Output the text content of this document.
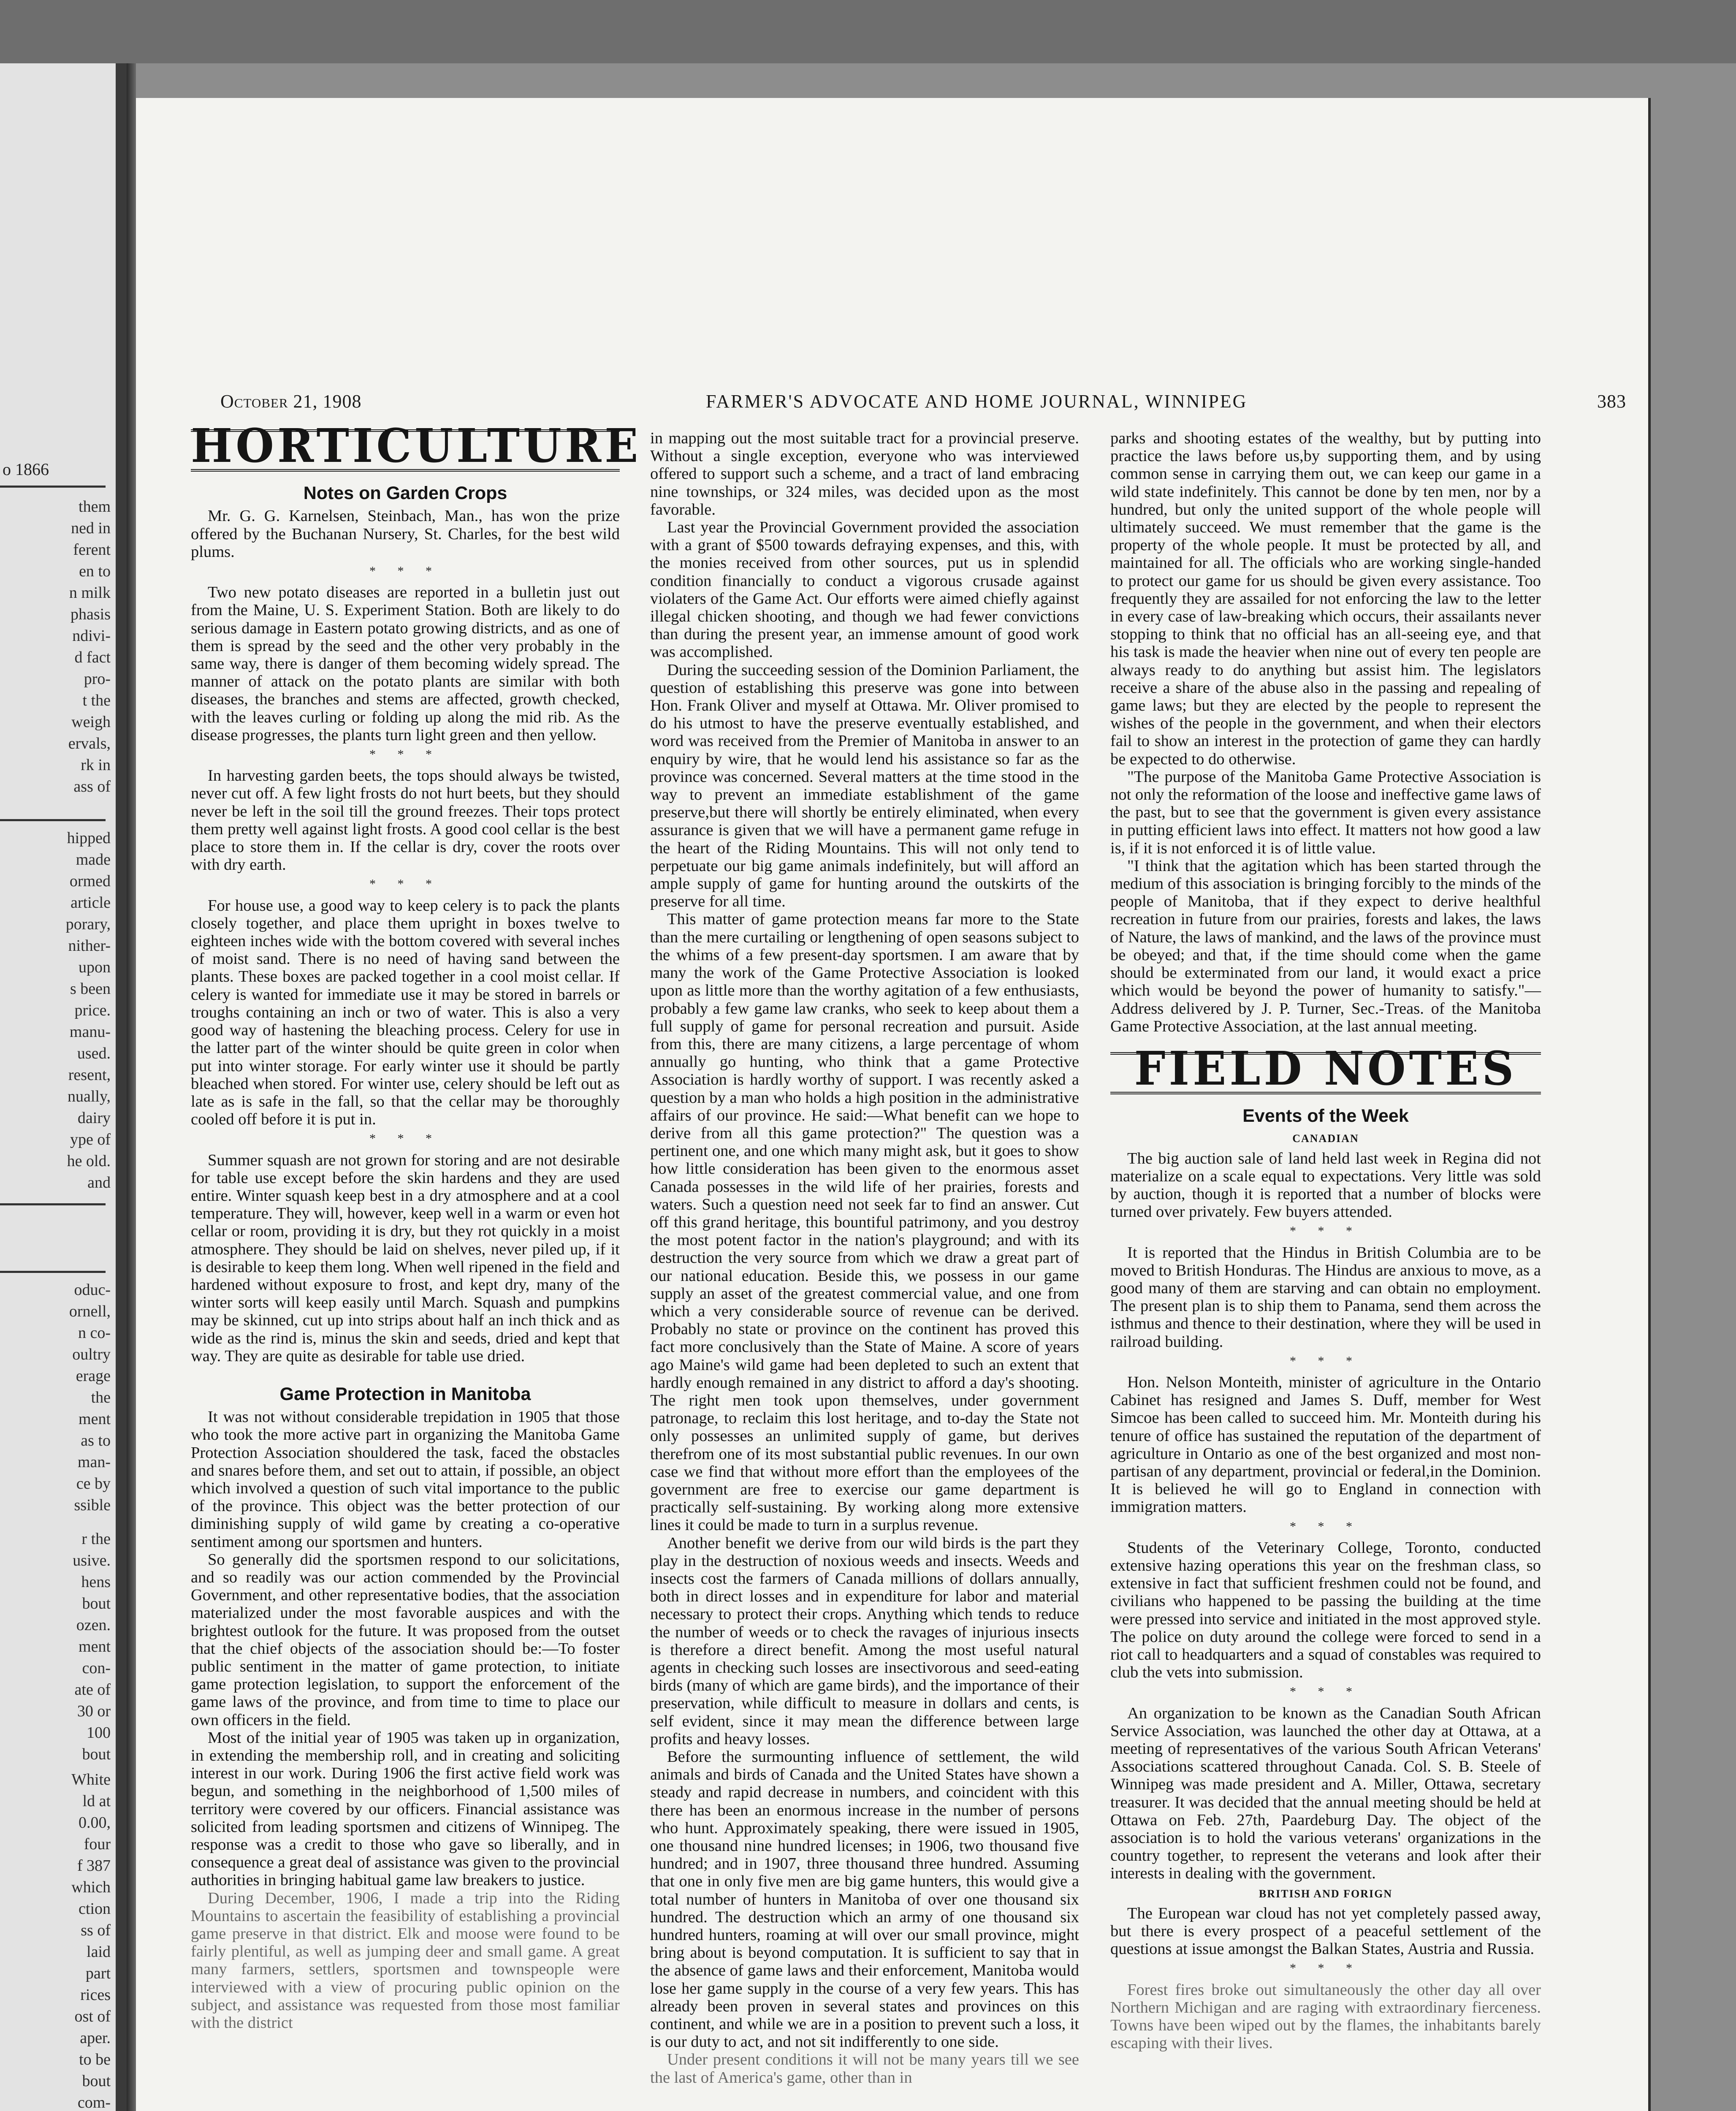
o 1866
them
ned in
ferent
en to
n milk
phasis
ndivi-
d fact
pro-
t the
weigh
ervals,
rk in
ass of
hipped
made
ormed
article
porary,
nither-
upon
s been
price.
manu-
used.
resent,
nually,
dairy
ype of
he old.
and
oduc-
ornell,
n co-
oultry
erage
the
ment
as to
man-
ce by
ssible
r the
usive.
hens
bout
ozen.
ment
con-
ate of
30 or
100
bout
White
ld at
0.00,
four
f 387
which
ction
ss of
laid
part
rices
ost of
aper.
to be
bout
com-
October 21, 1908	FARMER'S ADVOCATE AND HOME JOURNAL, WINNIPEG	383
HORTICULTURE
Notes on Garden Crops

Mr. G. G. Karnelsen, Steinbach, Man., has won the prize offered by the Buchanan Nursery, St. Charles, for the best wild plums.

* * *

Two new potato diseases are reported in a bulletin just out from the Maine, U. S. Experiment Station. Both are likely to do serious damage in Eastern potato growing districts, and as one of them is spread by the seed and the other very probably in the same way, there is danger of them becoming widely spread. The manner of attack on the potato plants are similar with both diseases, the branches and stems are affected, growth checked, with the leaves curling or folding up along the mid rib. As the disease progresses, the plants turn light green and then yellow.

* * *

In harvesting garden beets, the tops should always be twisted, never cut off. A few light frosts do not hurt beets, but they should never be left in the soil till the ground freezes. Their tops protect them pretty well against light frosts. A good cool cellar is the best place to store them in. If the cellar is dry, cover the roots over with dry earth.

* * *

For house use, a good way to keep celery is to pack the plants closely together, and place them upright in boxes twelve to eighteen inches wide with the bottom covered with several inches of moist sand. There is no need of having sand between the plants. These boxes are packed together in a cool moist cellar. If celery is wanted for immediate use it may be stored in barrels or troughs containing an inch or two of water. This is also a very good way of hastening the bleaching process. Celery for use in the latter part of the winter should be quite green in color when put into winter storage. For early winter use it should be partly bleached when stored. For winter use, celery should be left out as late as is safe in the fall, so that the cellar may be thoroughly cooled off before it is put in.

* * *

Summer squash are not grown for storing and are not desirable for table use except before the skin hardens and they are used entire. Winter squash keep best in a dry atmosphere and at a cool temperature. They will, however, keep well in a warm or even hot cellar or room, providing it is dry, but they rot quickly in a moist atmosphere. They should be laid on shelves, never piled up, if it is desirable to keep them long. When well ripened in the field and hardened without exposure to frost, and kept dry, many of the winter sorts will keep easily until March. Squash and pumpkins may be skinned, cut up into strips about half an inch thick and as wide as the rind is, minus the skin and seeds, dried and kept that way. They are quite as desirable for table use dried.

Game Protection in Manitoba

It was not without considerable trepidation in 1905 that those who took the more active part in organizing the Manitoba Game Protection Association shouldered the task, faced the obstacles and snares before them, and set out to attain, if possible, an object which involved a question of such vital importance to the public of the province. This object was the better protection of our diminishing supply of wild game by creating a co-operative sentiment among our sportsmen and hunters.

So generally did the sportsmen respond to our solicitations, and so readily was our action commended by the Provincial Government, and other representative bodies, that the association materialized under the most favorable auspices and with the brightest outlook for the future. It was proposed from the outset that the chief objects of the association should be:—To foster public sentiment in the matter of game protection, to initiate game protection legislation, to support the enforcement of the game laws of the province, and from time to time to place our own officers in the field.

Most of the initial year of 1905 was taken up in organization, in extending the membership roll, and in creating and soliciting interest in our work. During 1906 the first active field work was begun, and something in the neighborhood of 1,500 miles of territory were covered by our officers. Financial assistance was solicited from leading sportsmen and citizens of Winnipeg. The response was a credit to those who gave so liberally, and in consequence a great deal of assistance was given to the provincial authorities in bringing habitual game law breakers to justice.

During December, 1906, I made a trip into the Riding Mountains to ascertain the feasibility of establishing a provincial game preserve in that district. Elk and moose were found to be fairly plentiful, as well as jumping deer and small game. A great many farmers, settlers, sportsmen and townspeople were interviewed with a view of procuring public opinion on the subject, and assistance was requested from those most familiar with the district

in mapping out the most suitable tract for a provincial preserve. Without a single exception, everyone who was interviewed offered to support such a scheme, and a tract of land embracing nine townships, or 324 miles, was decided upon as the most favorable.

Last year the Provincial Government provided the association with a grant of $500 towards defraying expenses, and this, with the monies received from other sources, put us in splendid condition financially to conduct a vigorous crusade against violaters of the Game Act. Our efforts were aimed chiefly against illegal chicken shooting, and though we had fewer convictions than during the present year, an immense amount of good work was accomplished.

During the succeeding session of the Dominion Parliament, the question of establishing this preserve was gone into between Hon. Frank Oliver and myself at Ottawa. Mr. Oliver promised to do his utmost to have the preserve eventually established, and word was received from the Premier of Manitoba in answer to an enquiry by wire, that he would lend his assistance so far as the province was concerned. Several matters at the time stood in the way to prevent an immediate establishment of the game preserve,but there will shortly be entirely eliminated, when every assurance is given that we will have a permanent game refuge in the heart of the Riding Mountains. This will not only tend to perpetuate our big game animals indefinitely, but will afford an ample supply of game for hunting around the outskirts of the preserve for all time.

This matter of game protection means far more to the State than the mere curtailing or lengthening of open seasons subject to the whims of a few present-day sportsmen. I am aware that by many the work of the Game Protective Association is looked upon as little more than the worthy agitation of a few enthusiasts, probably a few game law cranks, who seek to keep about them a full supply of game for personal recreation and pursuit. Aside from this, there are many citizens, a large percentage of whom annually go hunting, who think that a game Protective Association is hardly worthy of support. I was recently asked a question by a man who holds a high position in the administrative affairs of our province. He said:—What benefit can we hope to derive from all this game protection?" The question was a pertinent one, and one which many might ask, but it goes to show how little consideration has been given to the enormous asset Canada possesses in the wild life of her prairies, forests and waters. Such a question need not seek far to find an answer. Cut off this grand heritage, this bountiful patrimony, and you destroy the most potent factor in the nation's playground; and with its destruction the very source from which we draw a great part of our national education. Beside this, we possess in our game supply an asset of the greatest commercial value, and one from which a very considerable source of revenue can be derived. Probably no state or province on the continent has proved this fact more conclusively than the State of Maine. A score of years ago Maine's wild game had been depleted to such an extent that hardly enough remained in any district to afford a day's shooting. The right men took upon themselves, under government patronage, to reclaim this lost heritage, and to-day the State not only possesses an unlimited supply of game, but derives therefrom one of its most substantial public revenues. In our own case we find that without more effort than the employees of the government are free to exercise our game department is practically self-sustaining. By working along more extensive lines it could be made to turn in a surplus revenue.

Another benefit we derive from our wild birds is the part they play in the destruction of noxious weeds and insects. Weeds and insects cost the farmers of Canada millions of dollars annually, both in direct losses and in expenditure for labor and material necessary to protect their crops. Anything which tends to reduce the number of weeds or to check the ravages of injurious insects is therefore a direct benefit. Among the most useful natural agents in checking such losses are insectivorous and seed-eating birds (many of which are game birds), and the importance of their preservation, while difficult to measure in dollars and cents, is self evident, since it may mean the difference between large profits and heavy losses.

Before the surmounting influence of settlement, the wild animals and birds of Canada and the United States have shown a steady and rapid decrease in numbers, and coincident with this there has been an enormous increase in the number of persons who hunt. Approximately speaking, there were issued in 1905, one thousand nine hundred licenses; in 1906, two thousand five hundred; and in 1907, three thousand three hundred. Assuming that one in only five men are big game hunters, this would give a total number of hunters in Manitoba of over one thousand six hundred. The destruction which an army of one thousand six hundred hunters, roaming at will over our small province, might bring about is beyond computation. It is sufficient to say that in the absence of game laws and their enforcement, Manitoba would lose her game supply in the course of a very few years. This has already been proven in several states and provinces on this continent, and while we are in a position to prevent such a loss, it is our duty to act, and not sit indifferently to one side.

Under present conditions it will not be many years till we see the last of America's game, other than in

parks and shooting estates of the wealthy, but by putting into practice the laws before us,by supporting them, and by using common sense in carrying them out, we can keep our game in a wild state indefinitely. This cannot be done by ten men, nor by a hundred, but only the united support of the whole people will ultimately succeed. We must remember that the game is the property of the whole people. It must be protected by all, and maintained for all. The officials who are working single-handed to protect our game for us should be given every assistance. Too frequently they are assailed for not enforcing the law to the letter in every case of law-breaking which occurs, their assailants never stopping to think that no official has an all-seeing eye, and that his task is made the heavier when nine out of every ten people are always ready to do anything but assist him. The legislators receive a share of the abuse also in the passing and repealing of game laws; but they are elected by the people to represent the wishes of the people in the government, and when their electors fail to show an interest in the protection of game they can hardly be expected to do otherwise.

"The purpose of the Manitoba Game Protective Association is not only the reformation of the loose and ineffective game laws of the past, but to see that the government is given every assistance in putting efficient laws into effect. It matters not how good a law is, if it is not enforced it is of little value.

"I think that the agitation which has been started through the medium of this association is bringing forcibly to the minds of the people of Manitoba, that if they expect to derive healthful recreation in future from our prairies, forests and lakes, the laws of Nature, the laws of mankind, and the laws of the province must be obeyed; and that, if the time should come when the game should be exterminated from our land, it would exact a price which would be beyond the power of humanity to satisfy."—Address delivered by J. P. Turner, Sec.-Treas. of the Manitoba Game Protective Association, at the last annual meeting.

FIELD NOTES
Events of the Week
CANADIAN

The big auction sale of land held last week in Regina did not materialize on a scale equal to expectations. Very little was sold by auction, though it is reported that a number of blocks were turned over privately. Few buyers attended.

* * *

It is reported that the Hindus in British Columbia are to be moved to British Honduras. The Hindus are anxious to move, as a good many of them are starving and can obtain no employment. The present plan is to ship them to Panama, send them across the isthmus and thence to their destination, where they will be used in railroad building.

* * *

Hon. Nelson Monteith, minister of agriculture in the Ontario Cabinet has resigned and James S. Duff, member for West Simcoe has been called to succeed him. Mr. Monteith during his tenure of office has sustained the reputation of the department of agriculture in Ontario as one of the best organized and most non-partisan of any department, provincial or federal,in the Dominion. It is believed he will go to England in connection with immigration matters.

* * *

Students of the Veterinary College, Toronto, conducted extensive hazing operations this year on the freshman class, so extensive in fact that sufficient freshmen could not be found, and civilians who happened to be passing the building at the time were pressed into service and initiated in the most approved style. The police on duty around the college were forced to send in a riot call to headquarters and a squad of constables was required to club the vets into submission.

* * *

An organization to be known as the Canadian South African Service Association, was launched the other day at Ottawa, at a meeting of representatives of the various South African Veterans' Associations scattered throughout Canada. Col. S. B. Steele of Winnipeg was made president and A. Miller, Ottawa, secretary treasurer. It was decided that the annual meeting should be held at Ottawa on Feb. 27th, Paardeburg Day. The object of the association is to hold the various veterans' organizations in the country together, to represent the veterans and look after their interests in dealing with the government.

BRITISH AND FORIGN

The European war cloud has not yet completely passed away, but there is every prospect of a peaceful settlement of the questions at issue amongst the Balkan States, Austria and Russia.

* * *

Forest fires broke out simultaneously the other day all over Northern Michigan and are raging with extraordinary fierceness. Towns have been wiped out by the flames, the inhabitants barely escaping with their lives.
